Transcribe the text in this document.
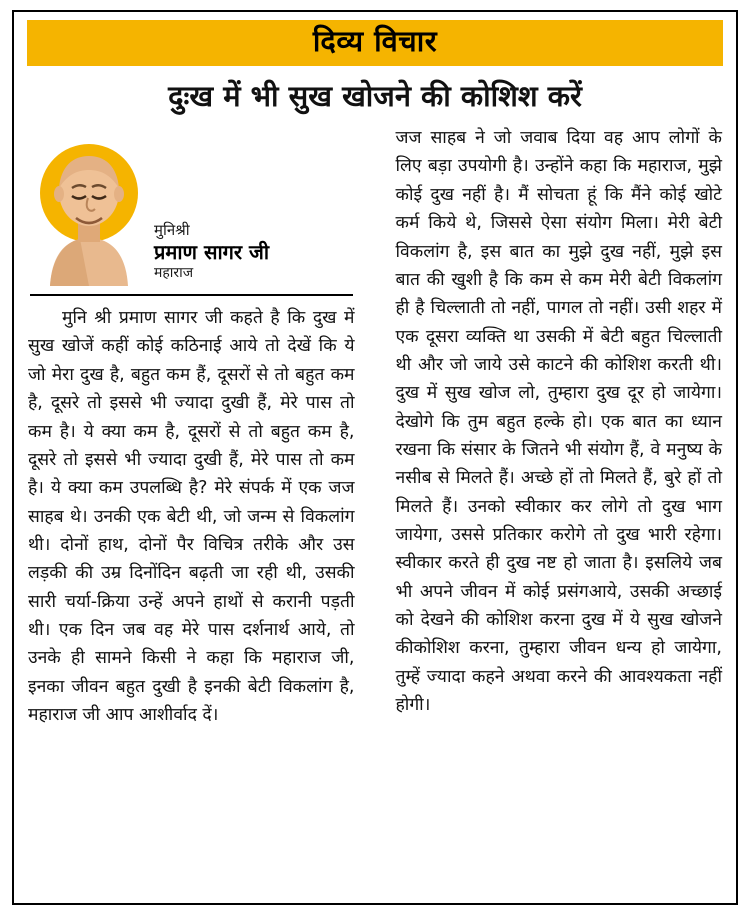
दिव्य विचार
दुःख में भी सुख खोजने की कोशिश करें
मुनिश्री
प्रमाण सागर जी
महाराज
मुनि श्री प्रमाण सागर जी कहते है कि दुख में सुख खोजें कहीं कोई कठिनाई आये तो देखें कि ये जो मेरा दुख है, बहुत कम हैं, दूसरों से तो बहुत कम है, दूसरे तो इससे भी ज्यादा दुखी हैं, मेरे पास तो कम है। ये क्या कम है, दूसरों से तो बहुत कम है, दूसरे तो इससे भी ज्यादा दुखी हैं, मेरे पास तो कम है। ये क्या कम उपलब्धि है? मेरे संपर्क में एक जज साहब थे। उनकी एक बेटी थी, जो जन्म से विकलांग थी। दोनों हाथ, दोनों पैर विचित्र तरीके और उस लड़की की उम्र दिनोंदिन बढ़ती जा रही थी, उसकी सारी चर्या-क्रिया उन्हें अपने हाथों से करानी पड़ती थी। एक दिन जब वह मेरे पास दर्शनार्थ आये, तो उनके ही सामने किसी ने कहा कि महाराज जी, इनका जीवन बहुत दुखी है इनकी बेटी विकलांग है, महाराज जी आप आशीर्वाद दें।
जज साहब ने जो जवाब दिया वह आप लोगों के लिए बड़ा उपयोगी है। उन्होंने कहा कि महाराज, मुझे कोई दुख नहीं है। मैं सोचता हूं कि मैंने कोई खोटे कर्म किये थे, जिससे ऐसा संयोग मिला। मेरी बेटी विकलांग है, इस बात का मुझे दुख नहीं, मुझे इस बात की खुशी है कि कम से कम मेरी बेटी विकलांग ही है चिल्लाती तो नहीं, पागल तो नहीं। उसी शहर में एक दूसरा व्यक्ति था उसकी में बेटी बहुत चिल्लाती थी और जो जाये उसे काटने की कोशिश करती थी। दुख में सुख खोज लो, तुम्हारा दुख दूर हो जायेगा। देखोगे कि तुम बहुत हल्के हो। एक बात का ध्यान रखना कि संसार के जितने भी संयोग हैं, वे मनुष्य के नसीब से मिलते हैं। अच्छे हों तो मिलते हैं, बुरे हों तो मिलते हैं। उनको स्वीकार कर लोगे तो दुख भाग जायेगा, उससे प्रतिकार करोगे तो दुख भारी रहेगा। स्वीकार करते ही दुख नष्ट हो जाता है। इसलिये जब भी अपने जीवन में कोई प्रसंगआये, उसकी अच्छाई को देखने की कोशिश करना दुख में ये सुख खोजने कीकोशिश करना, तुम्हारा जीवन धन्य हो जायेगा, तुम्हें ज्यादा कहने अथवा करने की आवश्यकता नहीं होगी।
